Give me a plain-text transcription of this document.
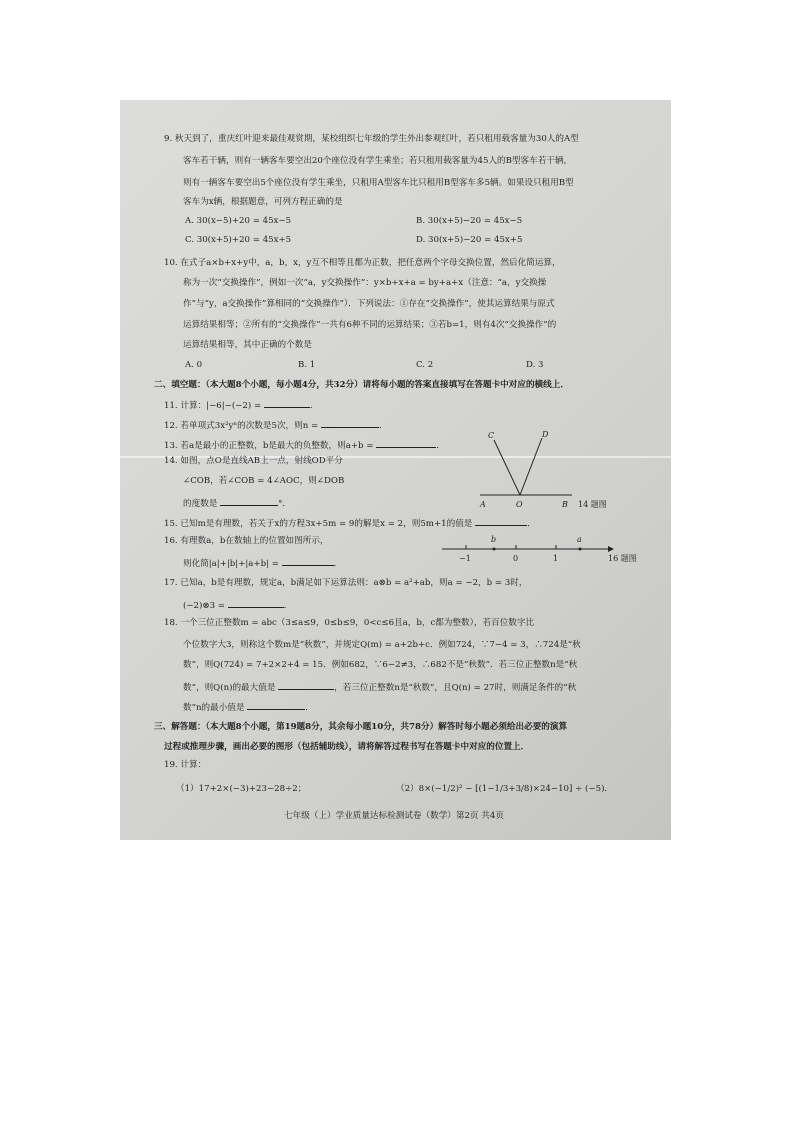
9. 秋天到了，重庆红叶迎来最佳观赏期，某校组织七年级的学生外出参观红叶，若只租用载客量为30人的A型
客车若干辆，则有一辆客车要空出20个座位没有学生乘坐；若只租用载客量为45人的B型客车若干辆，
则有一辆客车要空出5个座位没有学生乘坐，只租用A型客车比只租用B型客车多5辆。如果设只租用B型
客车为x辆，根据题意，可列方程正确的是
A. 30(x−5)+20 = 45x−5	B. 30(x+5)−20 = 45x−5
C. 30(x+5)+20 = 45x+5	D. 30(x+5)−20 = 45x+5
10. 在式子a×b+x+y中，a，b，x，y互不相等且都为正数，把任意两个字母交换位置，然后化简运算，
称为一次“交换操作”，例如一次“a，y交换操作”：y×b+x+a = by+a+x（注意：“a，y交换操
作”与“y，a交换操作”算相同的“交换操作”）．下列说法：①存在“交换操作”，使其运算结果与原式
运算结果相等；②所有的“交换操作”一共有6种不同的运算结果；③若b=1，则有4次“交换操作”的
运算结果相等，其中正确的个数是
A. 0	B. 1	C. 2	D. 3
二、填空题：（本大题8个小题，每小题4分，共32分）请将每小题的答案直接填写在答题卡中对应的横线上．
11. 计算：|−6|−(−2) =	．
12. 若单项式3x²yⁿ的次数是5次，则n =	．
13. 若a是最小的正整数，b是最大的负整数，则a+b =	．
14. 如图，点O是直线AB上一点，射线OD平分
∠COB，若∠COB = 4∠AOC，则∠DOB
的度数是	°．
C	D
A	O	B 14 题图
15. 已知m是有理数，若关于x的方程3x+5m = 9的解是x = 2，则5m+1的值是	．
16. 有理数a，b在数轴上的位置如图所示，
则化简|a|+|b|+|a+b| =	．
b	a
−1	0	1	16 题图
17. 已知a，b是有理数，规定a，b满足如下运算法则：a⊗b = a²+ab，则a = −2，b = 3时，
(−2)⊗3 =	．
18. 一个三位正整数m = abc（3≤a≤9，0≤b≤9，0<c≤6且a，b，c都为整数），若百位数字比
个位数字大3，则称这个数m是“秋数”，并规定Q(m) = a+2b+c．例如724，∵7−4 = 3，∴724是“秋
数”，则Q(724) = 7+2×2+4 = 15．例如682，∵6−2≠3，∴682不是“秋数”．若三位正整数n是“秋
数”，则Q(n)的最大值是	，若三位正整数n是“秋数”，且Q(n) = 27时，则满足条件的“秋
数”n的最小值是	．
三、解答题：（本大题8个小题，第19题8分，其余每小题10分，共78分）解答时每小题必须给出必要的演算
过程或推理步骤，画出必要的图形（包括辅助线），请将解答过程书写在答题卡中对应的位置上．
19. 计算：
（1）17+2×(−3)+23−28÷2；	（2）8×(−1/2)² − [(1−1/3+3/8)×24−10] ÷ (−5)．
七年级（上）学业质量达标检测试卷（数学）第2页 共4页
